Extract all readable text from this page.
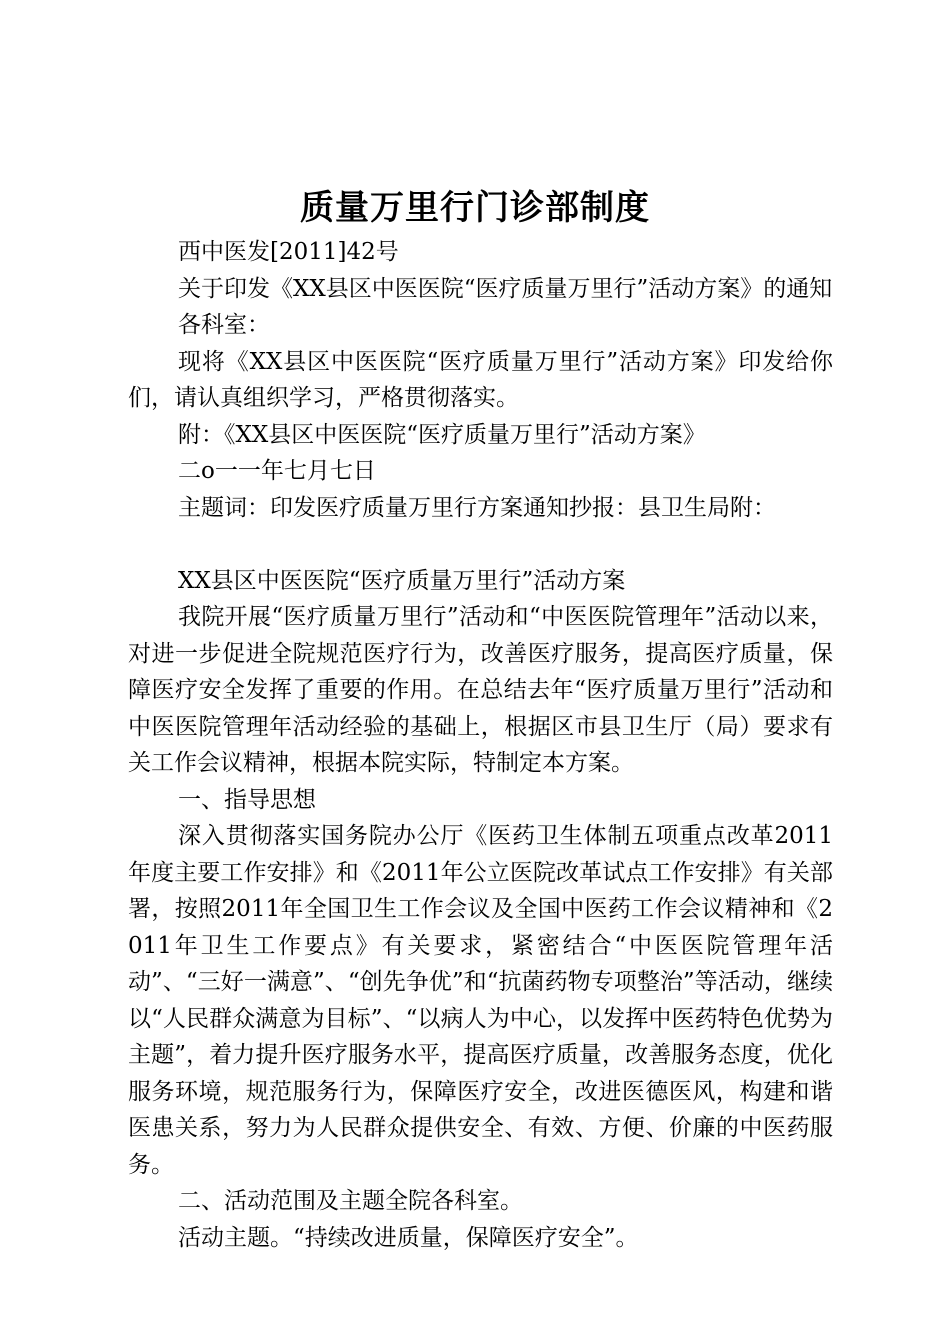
质量万里行门诊部制度

西中医发[2011]42号

关于印发《XX县区中医医院“医疗质量万里行”活动方案》的通知

各科室：

现将《XX县区中医医院“医疗质量万里行”活动方案》印发给你们，请认真组织学习，严格贯彻落实。

附：《XX县区中医医院“医疗质量万里行”活动方案》

二o一一年七月七日

主题词：印发医疗质量万里行方案通知抄报：县卫生局附：

XX县区中医医院“医疗质量万里行”活动方案

我院开展“医疗质量万里行”活动和“中医医院管理年”活动以来，对进一步促进全院规范医疗行为，改善医疗服务，提高医疗质量，保障医疗安全发挥了重要的作用。在总结去年“医疗质量万里行”活动和中医医院管理年活动经验的基础上，根据区市县卫生厅（局）要求有关工作会议精神，根据本院实际，特制定本方案。

一、指导思想

深入贯彻落实国务院办公厅《医药卫生体制五项重点改革2011年度主要工作安排》和《2011年公立医院改革试点工作安排》有关部署，按照2011年全国卫生工作会议及全国中医药工作会议精神和《2011年卫生工作要点》有关要求，紧密结合“中医医院管理年活动”、“三好一满意”、“创先争优”和“抗菌药物专项整治”等活动，继续以“人民群众满意为目标”、“以病人为中心，以发挥中医药特色优势为主题”，着力提升医疗服务水平，提高医疗质量，改善服务态度，优化服务环境，规范服务行为，保障医疗安全，改进医德医风，构建和谐医患关系，努力为人民群众提供安全、有效、方便、价廉的中医药服务。

二、活动范围及主题全院各科室。

活动主题。“持续改进质量，保障医疗安全”。
